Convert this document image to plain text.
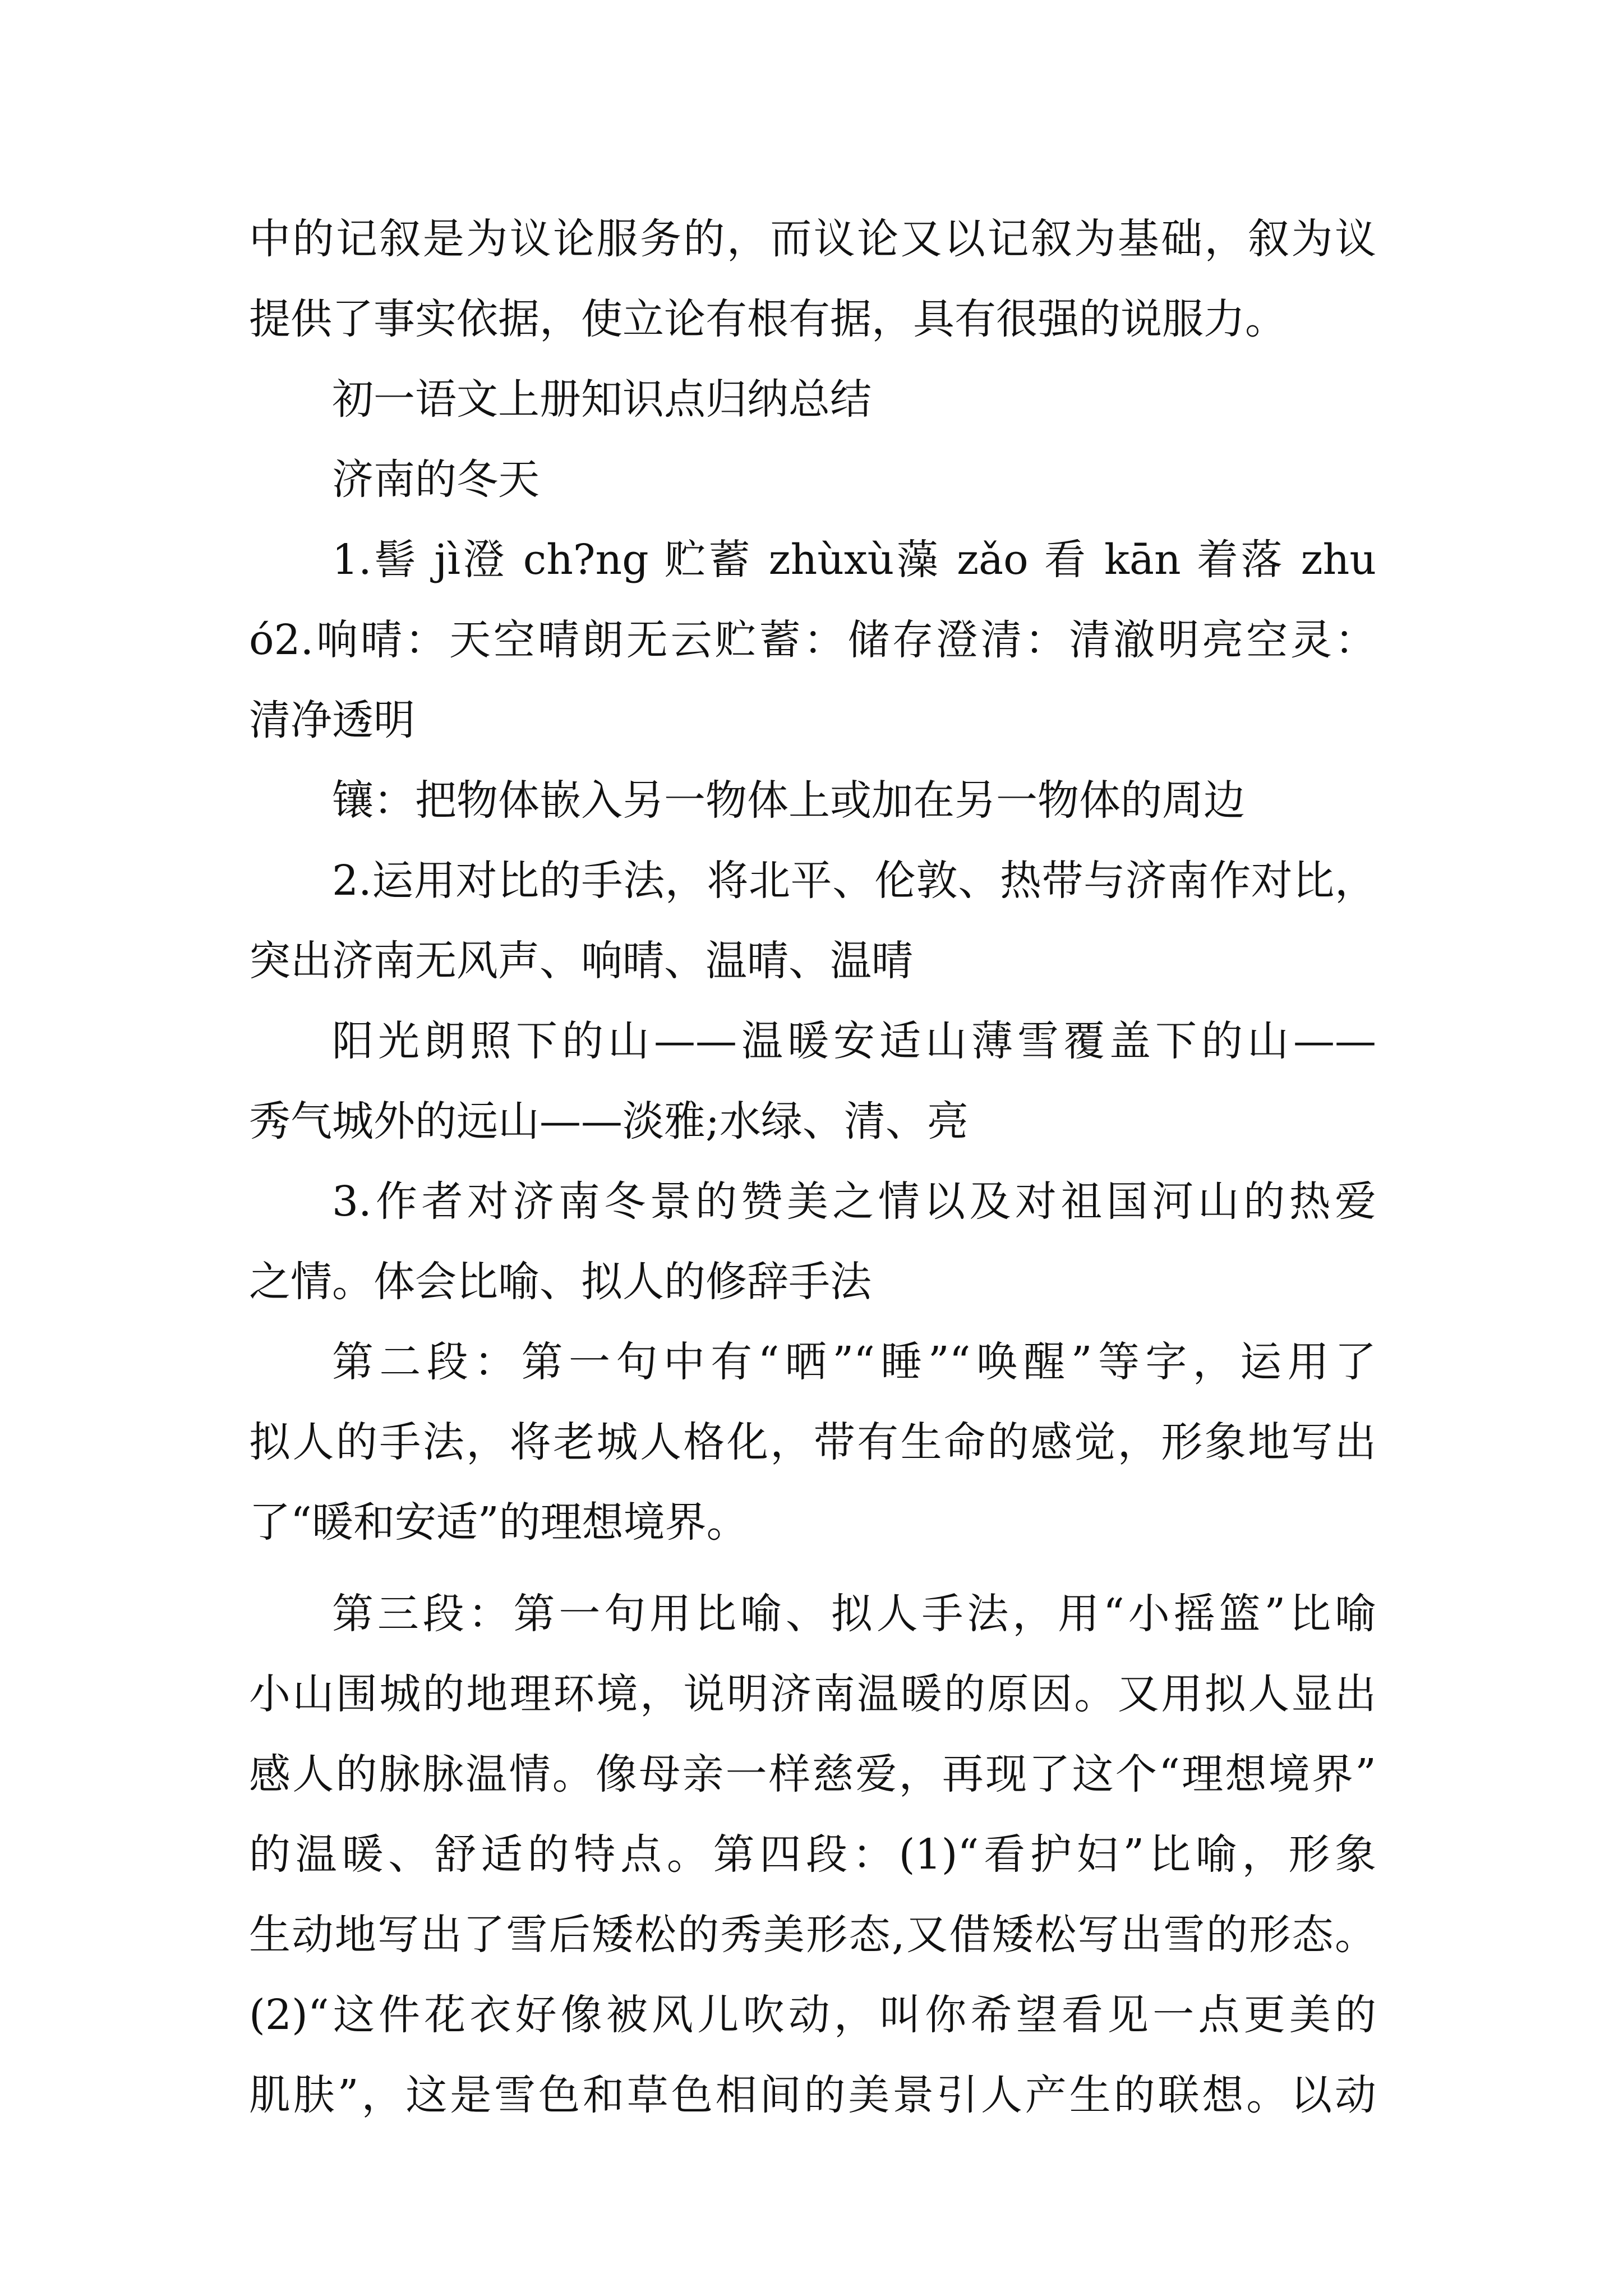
中的记叙是为议论服务的，而议论又以记叙为基础，叙为议
提供了事实依据，使立论有根有据，具有很强的说服力。
初一语文上册知识点归纳总结
济南的冬天
1.髻 jì澄 ch?ng 贮蓄 zhùxù藻 zǎo 看 kān 着落 zhu
ó2.响晴：天空晴朗无云贮蓄：储存澄清：清澈明亮空灵：
清净透明
镶：把物体嵌入另一物体上或加在另一物体的周边
2.运用对比的手法，将北平、伦敦、热带与济南作对比，
突出济南无风声、响晴、温晴、温晴
阳光朗照下的山——温暖安适山薄雪覆盖下的山——
秀气城外的远山——淡雅;水绿、清、亮
3.作者对济南冬景的赞美之情以及对祖国河山的热爱
之情。体会比喻、拟人的修辞手法
第二段：第一句中有“晒”“睡”“唤醒”等字，运用了
拟人的手法，将老城人格化，带有生命的感觉，形象地写出
了“暖和安适”的理想境界。
第三段：第一句用比喻、拟人手法，用“小摇篮”比喻
小山围城的地理环境，说明济南温暖的原因。又用拟人显出
感人的脉脉温情。像母亲一样慈爱，再现了这个“理想境界”
的温暖、舒适的特点。第四段：(1)“看护妇”比喻，形象
生动地写出了雪后矮松的秀美形态,又借矮松写出雪的形态。
(2)“这件花衣好像被风儿吹动，叫你希望看见一点更美的
肌肤”，这是雪色和草色相间的美景引人产生的联想。以动
